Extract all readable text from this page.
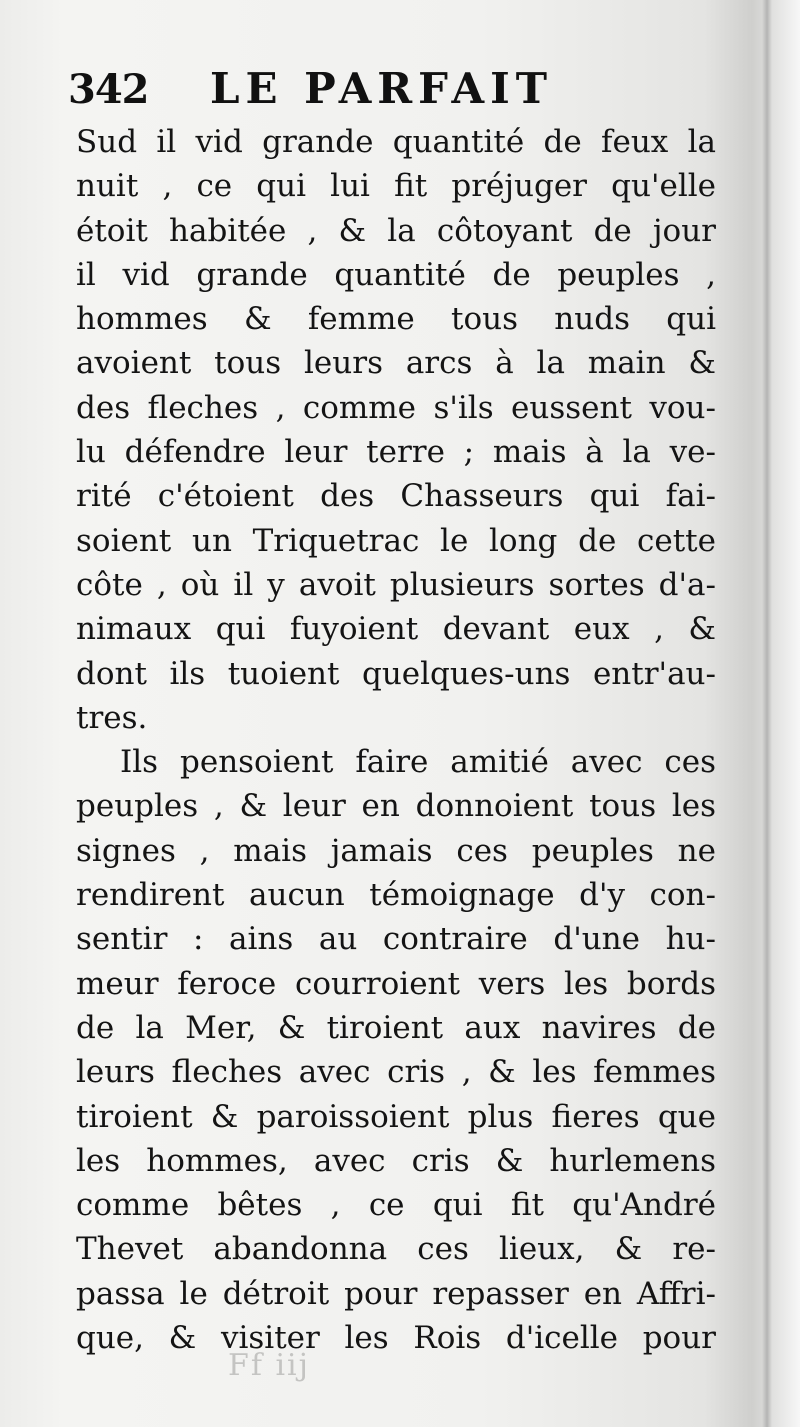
342 LE PARFAIT
Sud il vid grande quantité de feux la
nuit , ce qui lui fit préjuger qu'elle
étoit habitée , & la côtoyant de jour
il vid grande quantité de peuples ,
hommes & femme tous nuds qui
avoient tous leurs arcs à la main &
des fleches , comme s'ils eussent vou-
lu défendre leur terre ; mais à la ve-
rité c'étoient des Chasseurs qui fai-
soient un Triquetrac le long de cette
côte , où il y avoit plusieurs sortes d'a-
nimaux qui fuyoient devant eux , &
dont ils tuoient quelques-uns entr'au-
tres.
Ils pensoient faire amitié avec ces
peuples , & leur en donnoient tous les
signes , mais jamais ces peuples ne
rendirent aucun témoignage d'y con-
sentir : ains au contraire d'une hu-
meur feroce courroient vers les bords
de la Mer, & tiroient aux navires de
leurs fleches avec cris , & les femmes
tiroient & paroissoient plus fieres que
les hommes, avec cris & hurlemens
comme bêtes , ce qui fit qu'André
Thevet abandonna ces lieux, & re-
passa le détroit pour repasser en Affri-
que, & visiter les Rois d'icelle pour
Ff iij
